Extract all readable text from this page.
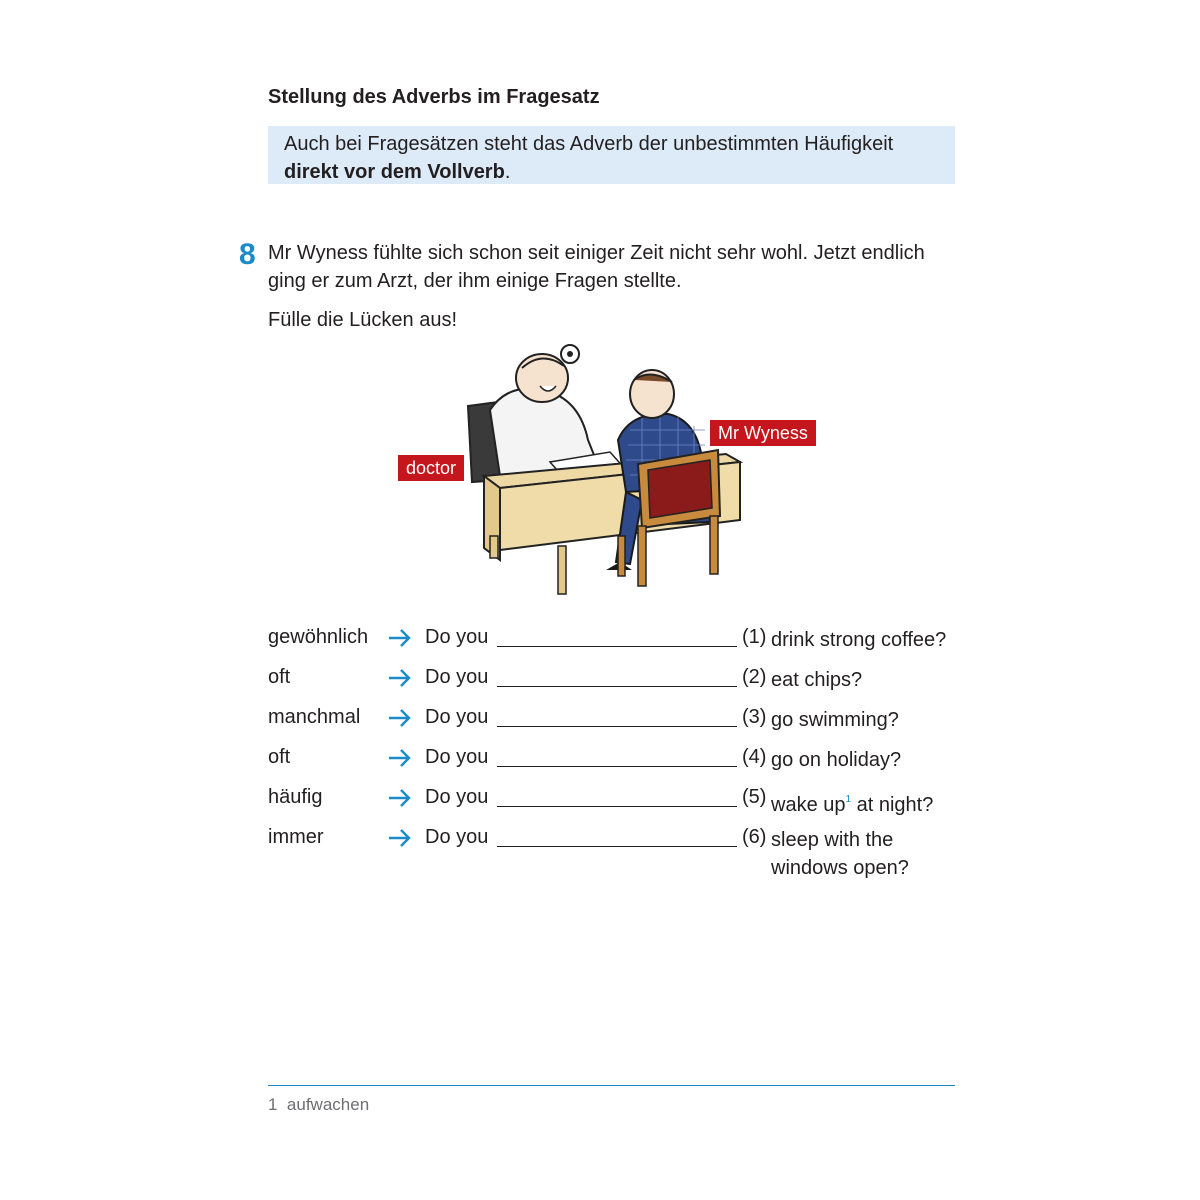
Stellung des Adverbs im Fragesatz
Auch bei Fragesätzen steht das Adverb der unbestimmten Häufigkeit
direkt vor dem Vollverb.
8 Mr Wyness fühlte sich schon seit einiger Zeit nicht sehr wohl. Jetzt endlich ging er zum Arzt, der ihm einige Fragen stellte.
Fülle die Lücken aus!
doctor
Mr Wyness
gewöhnlich	Do you	(1) drink strong coffee?
oft	Do you	(2) eat chips?
manchmal	Do you	(3) go swimming?
oft	Do you	(4) go on holiday?
häufig	Do you	(5) wake $up^1$ at night?
immer	Do you	(6) sleep with the windows open?
1 aufwachen
